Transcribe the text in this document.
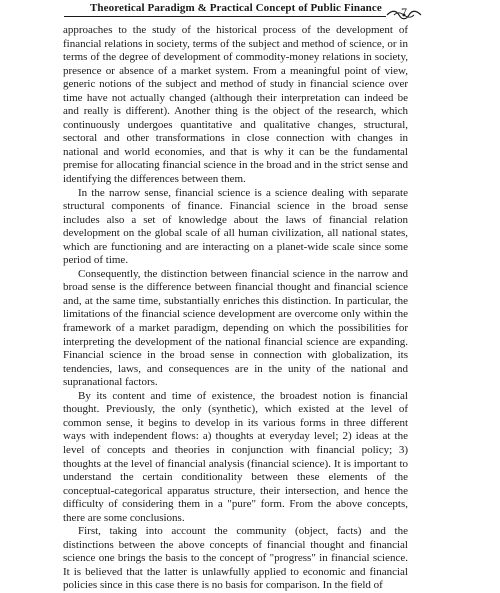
Theoretical Paradigm & Practical Concept of Public Finance 7

approaches to the study of the historical process of the development of financial relations in society, terms of the subject and method of science, or in terms of the degree of development of commodity-money relations in society, presence or absence of a market system. From a meaningful point of view, generic notions of the subject and method of study in financial science over time have not actually changed (although their interpretation can indeed be and really is different). Another thing is the object of the research, which continuously undergoes quantitative and qualitative changes, structural, sectoral and other transformations in close connection with changes in national and world economies, and that is why it can be the fundamental premise for allocating financial science in the broad and in the strict sense and identifying the differences between them.

In the narrow sense, financial science is a science dealing with separate structural components of finance. Financial science in the broad sense includes also a set of knowledge about the laws of financial relation development on the global scale of all human civilization, all national states, which are functioning and are interacting on a planet-wide scale since some period of time.

Consequently, the distinction between financial science in the narrow and broad sense is the difference between financial thought and financial science and, at the same time, substantially enriches this distinction. In particular, the limitations of the financial science development are overcome only within the framework of a market paradigm, depending on which the possibilities for interpreting the development of the national financial science are expanding. Financial science in the broad sense in connection with globalization, its tendencies, laws, and consequences are in the unity of the national and supranational factors.

By its content and time of existence, the broadest notion is financial thought. Previously, the only (synthetic), which existed at the level of common sense, it begins to develop in its various forms in three different ways with independent flows: a) thoughts at everyday level; 2) ideas at the level of concepts and theories in conjunction with financial policy; 3) thoughts at the level of financial analysis (financial science). It is important to understand the certain conditionality between these elements of the conceptual-categorical apparatus structure, their intersection, and hence the difficulty of considering them in a "pure" form. From the above concepts, there are some conclusions.

First, taking into account the community (object, facts) and the distinctions between the above concepts of financial thought and financial science one brings the basis to the concept of "progress" in financial science. It is believed that the latter is unlawfully applied to economic and financial policies since in this case there is no basis for comparison. In the field of
